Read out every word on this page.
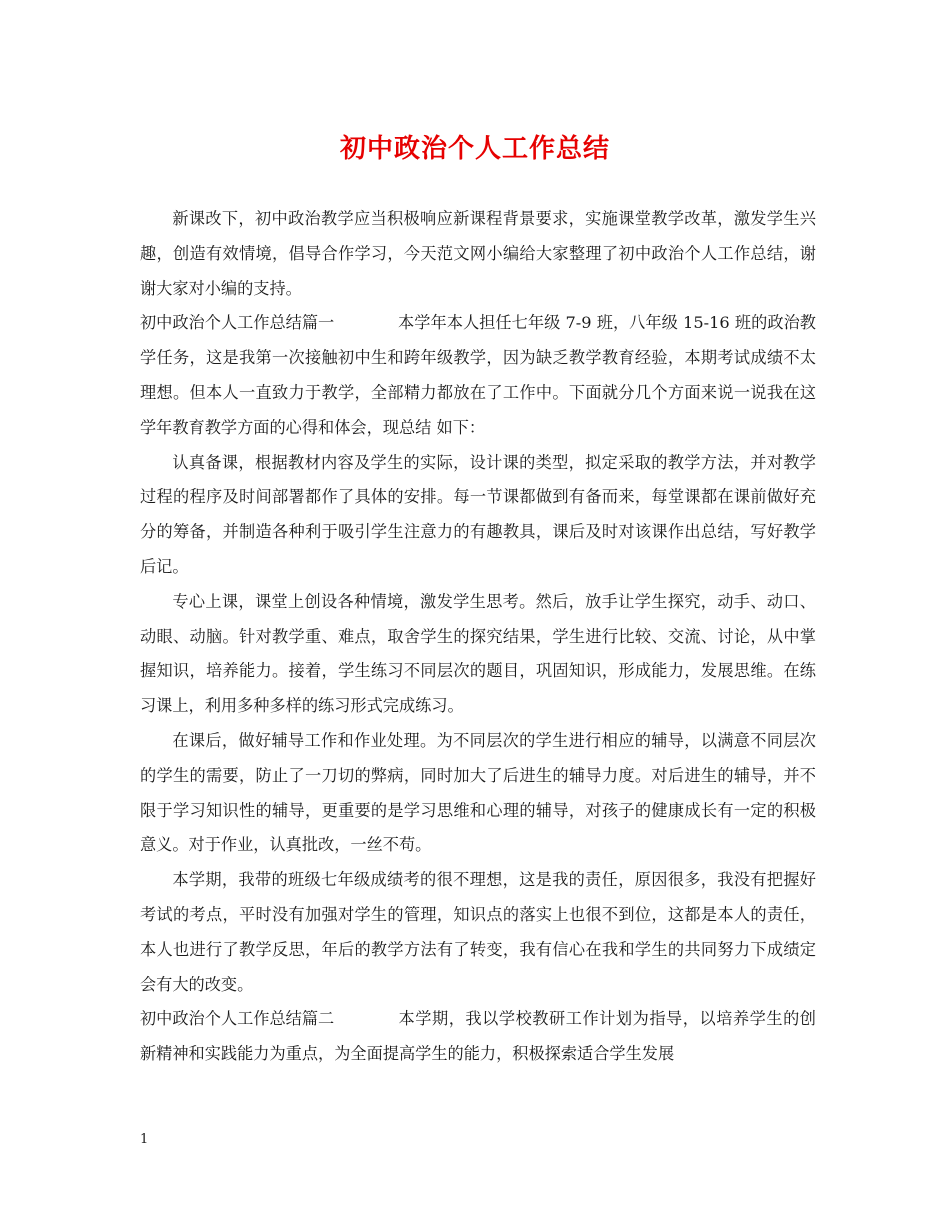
初中政治个人工作总结

新课改下，初中政治教学应当积极响应新课程背景要求，实施课堂教学改革，激发学生兴趣，创造有效情境，倡导合作学习，今天范文网小编给大家整理了初中政治个人工作总结，谢谢大家对小编的支持。

初中政治个人工作总结篇一	本学年本人担任七年级 7-9 班，八年级 15-16 班的政治教学任务，这是我第一次接触初中生和跨年级教学，因为缺乏教学教育经验，本期考试成绩不太理想。但本人一直致力于教学，全部精力都放在了工作中。下面就分几个方面来说一说我在这学年教育教学方面的心得和体会，现总结 如下：

认真备课，根据教材内容及学生的实际，设计课的类型，拟定采取的教学方法，并对教学过程的程序及时间部署都作了具体的安排。每一节课都做到有备而来，每堂课都在课前做好充分的筹备，并制造各种利于吸引学生注意力的有趣教具，课后及时对该课作出总结，写好教学后记。

专心上课，课堂上创设各种情境，激发学生思考。然后，放手让学生探究，动手、动口、动眼、动脑。针对教学重、难点，取舍学生的探究结果，学生进行比较、交流、讨论，从中掌握知识，培养能力。接着，学生练习不同层次的题目，巩固知识，形成能力，发展思维。在练习课上，利用多种多样的练习形式完成练习。

在课后，做好辅导工作和作业处理。为不同层次的学生进行相应的辅导，以满意不同层次的学生的需要，防止了一刀切的弊病，同时加大了后进生的辅导力度。对后进生的辅导，并不限于学习知识性的辅导，更重要的是学习思维和心理的辅导，对孩子的健康成长有一定的积极意义。对于作业，认真批改，一丝不苟。

本学期，我带的班级七年级成绩考的很不理想，这是我的责任，原因很多，我没有把握好考试的考点，平时没有加强对学生的管理，知识点的落实上也很不到位，这都是本人的责任，本人也进行了教学反思，年后的教学方法有了转变，我有信心在我和学生的共同努力下成绩定会有大的改变。

初中政治个人工作总结篇二	本学期，我以学校教研工作计划为指导，以培养学生的创新精神和实践能力为重点，为全面提高学生的能力，积极探索适合学生发展

1
